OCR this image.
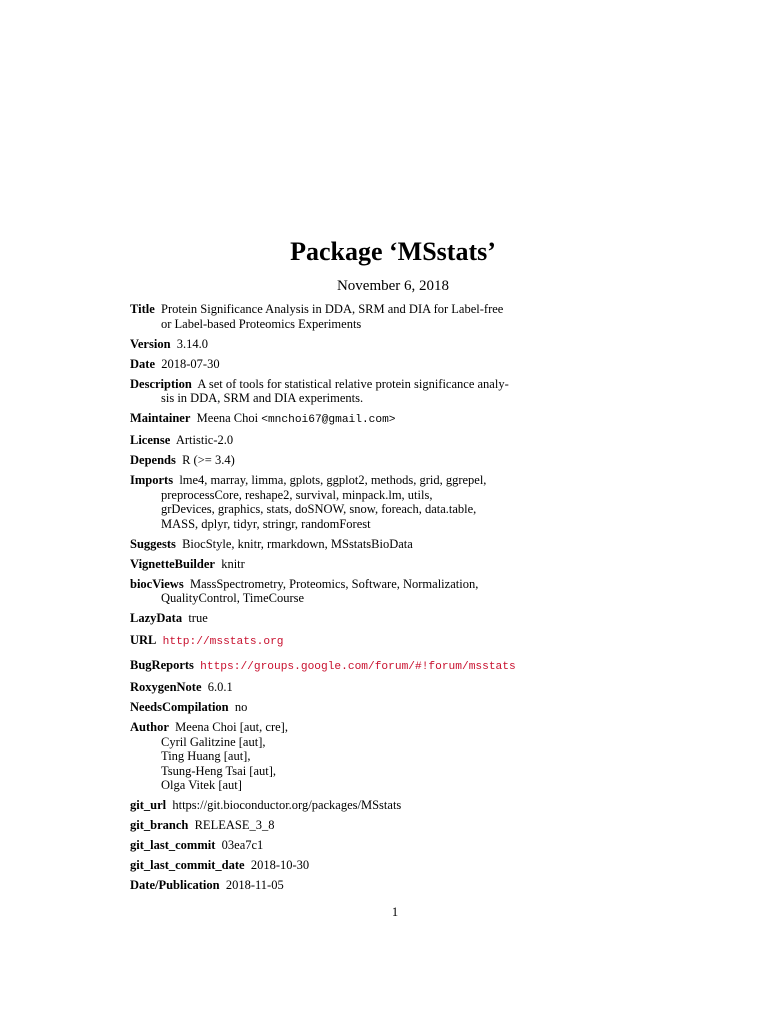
Package ‘MSstats’
November 6, 2018
Title Protein Significance Analysis in DDA, SRM and DIA for Label-free
or Label-based Proteomics Experiments
Version 3.14.0
Date 2018-07-30
Description A set of tools for statistical relative protein significance analy-
sis in DDA, SRM and DIA experiments.
Maintainer Meena Choi <mnchoi67@gmail.com>
License Artistic-2.0
Depends R (>= 3.4)
Imports lme4, marray, limma, gplots, ggplot2, methods, grid, ggrepel,
preprocessCore, reshape2, survival, minpack.lm, utils,
grDevices, graphics, stats, doSNOW, snow, foreach, data.table,
MASS, dplyr, tidyr, stringr, randomForest
Suggests BiocStyle, knitr, rmarkdown, MSstatsBioData
VignetteBuilder knitr
biocViews MassSpectrometry, Proteomics, Software, Normalization,
QualityControl, TimeCourse
LazyData true
URL http://msstats.org
BugReports https://groups.google.com/forum/#!forum/msstats
RoxygenNote 6.0.1
NeedsCompilation no
Author Meena Choi [aut, cre],
Cyril Galitzine [aut],
Ting Huang [aut],
Tsung-Heng Tsai [aut],
Olga Vitek [aut]
git_url https://git.bioconductor.org/packages/MSstats
git_branch RELEASE_3_8
git_last_commit 03ea7c1
git_last_commit_date 2018-10-30
Date/Publication 2018-11-05
1
